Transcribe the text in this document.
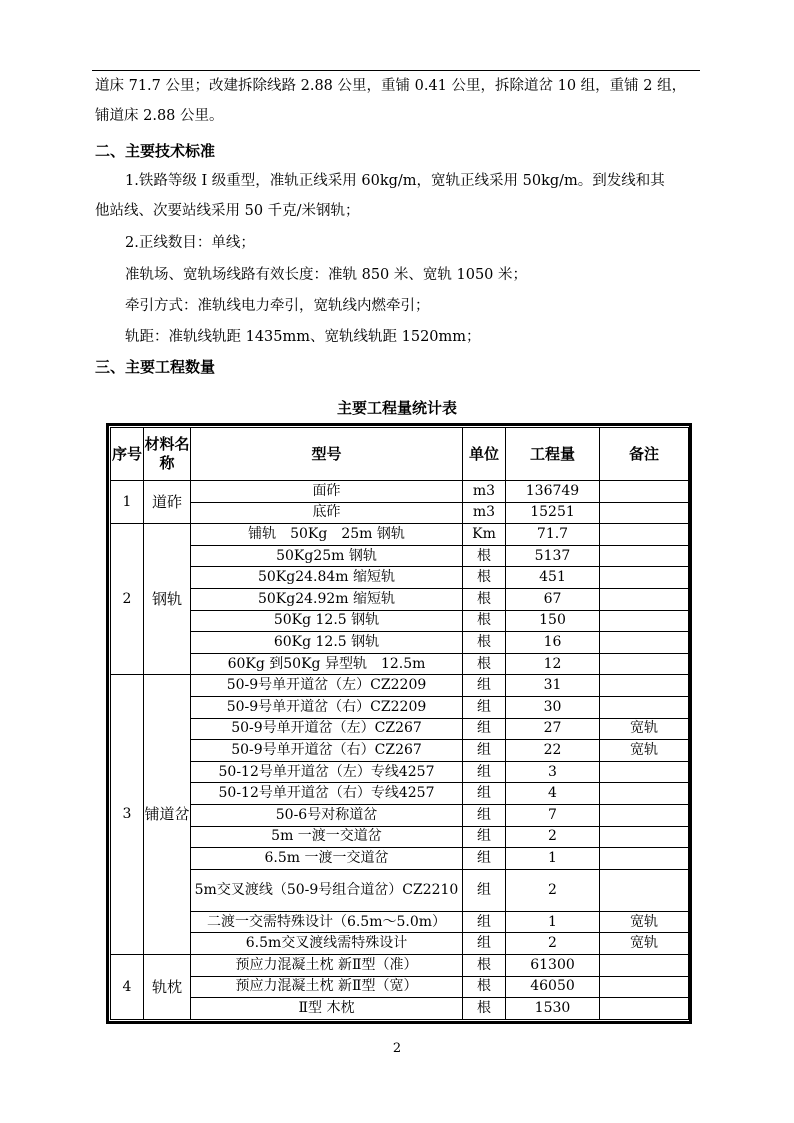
道床 71.7 公里；改建拆除线路 2.88 公里，重铺 0.41 公里，拆除道岔 10 组，重铺 2 组，
铺道床 2.88 公里。
二、主要技术标准
1.铁路等级 I 级重型，准轨正线采用 60kg/m，宽轨正线采用 50kg/m。到发线和其
他站线、次要站线采用 50 千克/米钢轨；
2.正线数目：单线；
准轨场、宽轨场线路有效长度：准轨 850 米、宽轨 1050 米；
牵引方式：准轨线电力牵引，宽轨线内燃牵引；
轨距：准轨线轨距 1435mm、宽轨线轨距 1520mm；
三、主要工程数量
主要工程量统计表
序号	材料名称	型号	单位	工程量	备注
1	道砟	面砟	m3	136749	
		底砟	m3	15251	
2	钢轨	铺轨　50Kg　25m 钢轨	Km	71.7	
		50Kg25m 钢轨	根	5137	
		50Kg24.84m 缩短轨	根	451	
		50Kg24.92m 缩短轨	根	67	
		50Kg 12.5 钢轨	根	150	
		60Kg 12.5 钢轨	根	16	
		60Kg 到50Kg 异型轨　12.5m	根	12	
3	铺道岔	50-9号单开道岔（左）CZ2209	组	31	
		50-9号单开道岔（右）CZ2209	组	30	
		50-9号单开道岔（左）CZ267	组	27	宽轨
		50-9号单开道岔（右）CZ267	组	22	宽轨
		50-12号单开道岔（左）专线4257	组	3	
		50-12号单开道岔（右）专线4257	组	4	
		50-6号对称道岔	组	7	
		5m 一渡一交道岔	组	2	
		6.5m 一渡一交道岔	组	1	
		5m交叉渡线（50-9号组合道岔）CZ2210	组	2	
		二渡一交需特殊设计（6.5m～5.0m）	组	1	宽轨
		6.5m交叉渡线需特殊设计	组	2	宽轨
4	轨枕	预应力混凝土枕 新Ⅱ型（准）	根	61300	
		预应力混凝土枕 新Ⅱ型（宽）	根	46050	
		Ⅱ型 木枕	根	1530	
2
